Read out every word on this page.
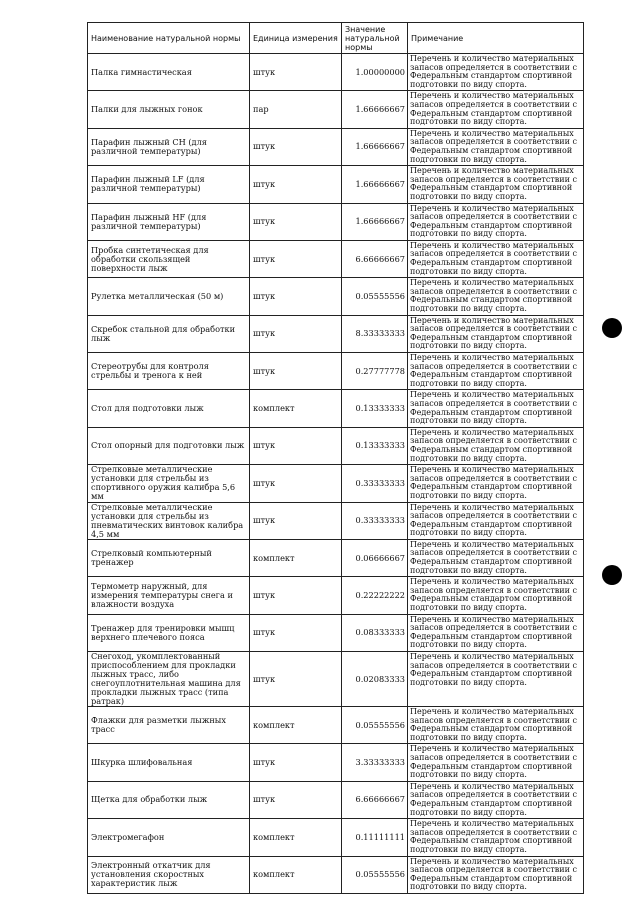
Наименование натуральной нормы	Единица измерения	Значение натуральной нормы	Примечание
Палка гимнастическая	штук	1.00000000	Перечень и количество материальных запасов определяется в соответствии с Федеральным стандартом спортивной подготовки по виду спорта.
Палки для лыжных гонок	пар	1.66666667	Перечень и количество материальных запасов определяется в соответствии с Федеральным стандартом спортивной подготовки по виду спорта.
Парафин лыжный CH (для различной температуры)	штук	1.66666667	Перечень и количество материальных запасов определяется в соответствии с Федеральным стандартом спортивной подготовки по виду спорта.
Парафин лыжный LF (для различной температуры)	штук	1.66666667	Перечень и количество материальных запасов определяется в соответствии с Федеральным стандартом спортивной подготовки по виду спорта.
Парафин лыжный HF (для различной температуры)	штук	1.66666667	Перечень и количество материальных запасов определяется в соответствии с Федеральным стандартом спортивной подготовки по виду спорта.
Пробка синтетическая для обработки скользящей поверхности лыж	штук	6.66666667	Перечень и количество материальных запасов определяется в соответствии с Федеральным стандартом спортивной подготовки по виду спорта.
Рулетка металлическая (50 м)	штук	0.05555556	Перечень и количество материальных запасов определяется в соответствии с Федеральным стандартом спортивной подготовки по виду спорта.
Скребок стальной для обработки лыж	штук	8.33333333	Перечень и количество материальных запасов определяется в соответствии с Федеральным стандартом спортивной подготовки по виду спорта.
Стереотрубы для контроля стрельбы и тренога к ней	штук	0.27777778	Перечень и количество материальных запасов определяется в соответствии с Федеральным стандартом спортивной подготовки по виду спорта.
Стол для подготовки лыж	комплект	0.13333333	Перечень и количество материальных запасов определяется в соответствии с Федеральным стандартом спортивной подготовки по виду спорта.
Стол опорный для подготовки лыж	штук	0.13333333	Перечень и количество материальных запасов определяется в соответствии с Федеральным стандартом спортивной подготовки по виду спорта.
Стрелковые металлические установки для стрельбы из спортивного оружия калибра 5,6 мм	штук	0.33333333	Перечень и количество материальных запасов определяется в соответствии с Федеральным стандартом спортивной подготовки по виду спорта.
Стрелковые металлические установки для стрельбы из пневматических винтовок калибра 4,5 мм	штук	0.33333333	Перечень и количество материальных запасов определяется в соответствии с Федеральным стандартом спортивной подготовки по виду спорта.
Стрелковый компьютерный тренажер	комплект	0.06666667	Перечень и количество материальных запасов определяется в соответствии с Федеральным стандартом спортивной подготовки по виду спорта.
Термометр наружный, для измерения температуры снега и влажности воздуха	штук	0.22222222	Перечень и количество материальных запасов определяется в соответствии с Федеральным стандартом спортивной подготовки по виду спорта.
Тренажер для тренировки мышц верхнего плечевого пояса	штук	0.08333333	Перечень и количество материальных запасов определяется в соответствии с Федеральным стандартом спортивной подготовки по виду спорта.
Снегоход, укомплектованный приспособлением для прокладки лыжных трасс, либо снегоуплотнительная машина для прокладки лыжных трасс (типа ратрак)	штук	0.02083333	Перечень и количество материальных запасов определяется в соответствии с Федеральным стандартом спортивной подготовки по виду спорта.
Флажки для разметки лыжных трасс	комплект	0.05555556	Перечень и количество материальных запасов определяется в соответствии с Федеральным стандартом спортивной подготовки по виду спорта.
Шкурка шлифовальная	штук	3.33333333	Перечень и количество материальных запасов определяется в соответствии с Федеральным стандартом спортивной подготовки по виду спорта.
Щетка для обработки лыж	штук	6.66666667	Перечень и количество материальных запасов определяется в соответствии с Федеральным стандартом спортивной подготовки по виду спорта.
Электромегафон	комплект	0.11111111	Перечень и количество материальных запасов определяется в соответствии с Федеральным стандартом спортивной подготовки по виду спорта.
Электронный откатчик для установления скоростных характеристик лыж	комплект	0.05555556	Перечень и количество материальных запасов определяется в соответствии с Федеральным стандартом спортивной подготовки по виду спорта.
